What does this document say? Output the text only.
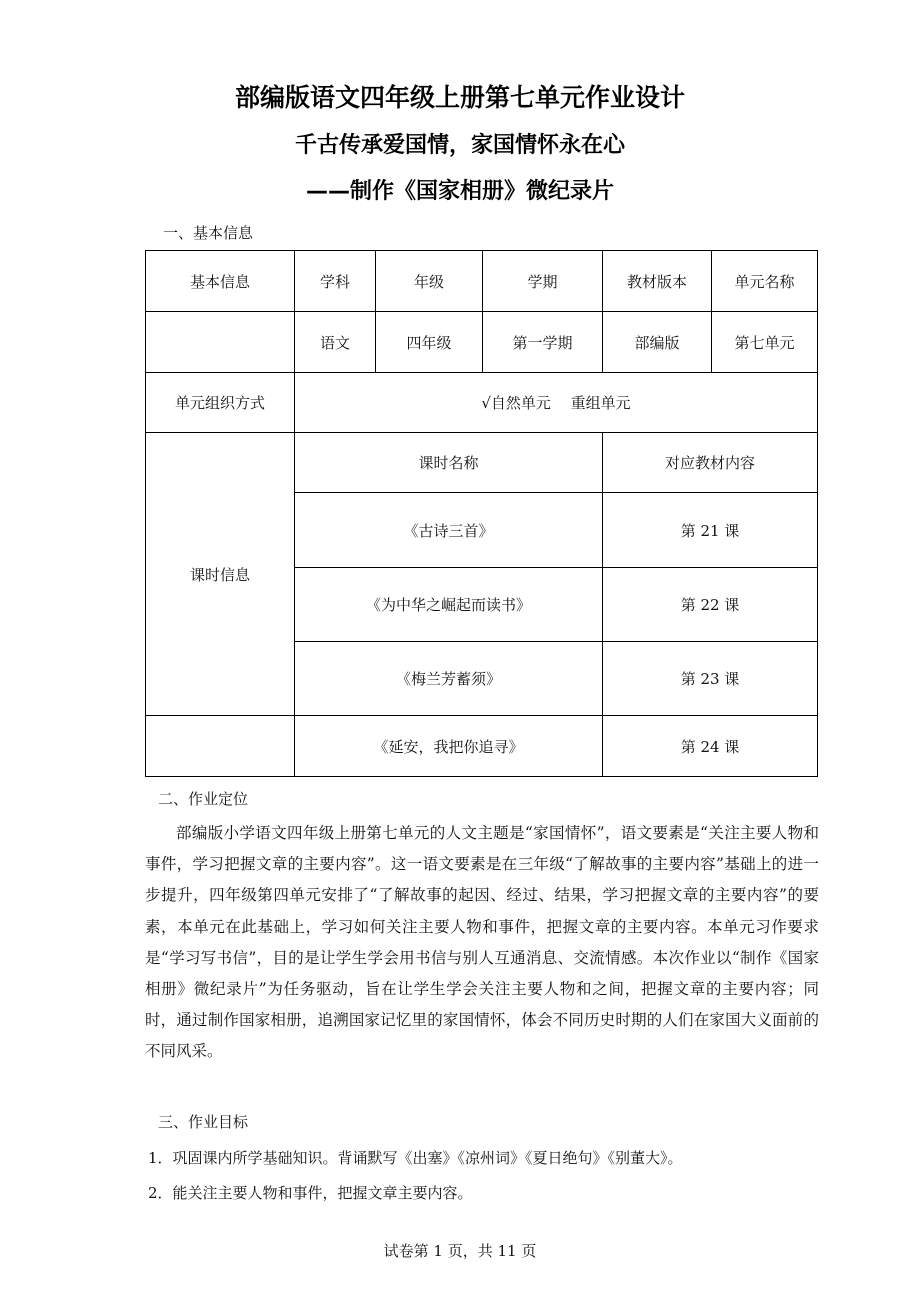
部编版语文四年级上册第七单元作业设计
千古传承爱国情，家国情怀永在心
——制作《国家相册》微纪录片

一、基本信息

基本信息	学科	年级	学期	教材版本	单元名称
	语文	四年级	第一学期	部编版	第七单元
单元组织方式	√自然单元　 重组单元				
课时信息	课时名称			对应教材内容	
	《古诗三首》			第 21 课	
	《为中华之崛起而读书》			第 22 课	
	《梅兰芳蓄须》			第 23 课	
	《延安，我把你追寻》			第 24 课	

二、作业定位

部编版小学语文四年级上册第七单元的人文主题是“家国情怀”，语文要素是“关注主要人物和事件，学习把握文章的主要内容”。这一语文要素是在三年级“了解故事的主要内容”基础上的进一步提升，四年级第四单元安排了“了解故事的起因、经过、结果，学习把握文章的主要内容”的要素，本单元在此基础上，学习如何关注主要人物和事件，把握文章的主要内容。本单元习作要求是“学习写书信”，目的是让学生学会用书信与别人互通消息、交流情感。本次作业以“制作《国家相册》微纪录片”为任务驱动，旨在让学生学会关注主要人物和之间，把握文章的主要内容；同时，通过制作国家相册，追溯国家记忆里的家国情怀，体会不同历史时期的人们在家国大义面前的不同风采。

三、作业目标

1．巩固课内所学基础知识。背诵默写《出塞》《凉州词》《夏日绝句》《别董大》。

2．能关注主要人物和事件，把握文章主要内容。

试卷第 1 页，共 11 页
